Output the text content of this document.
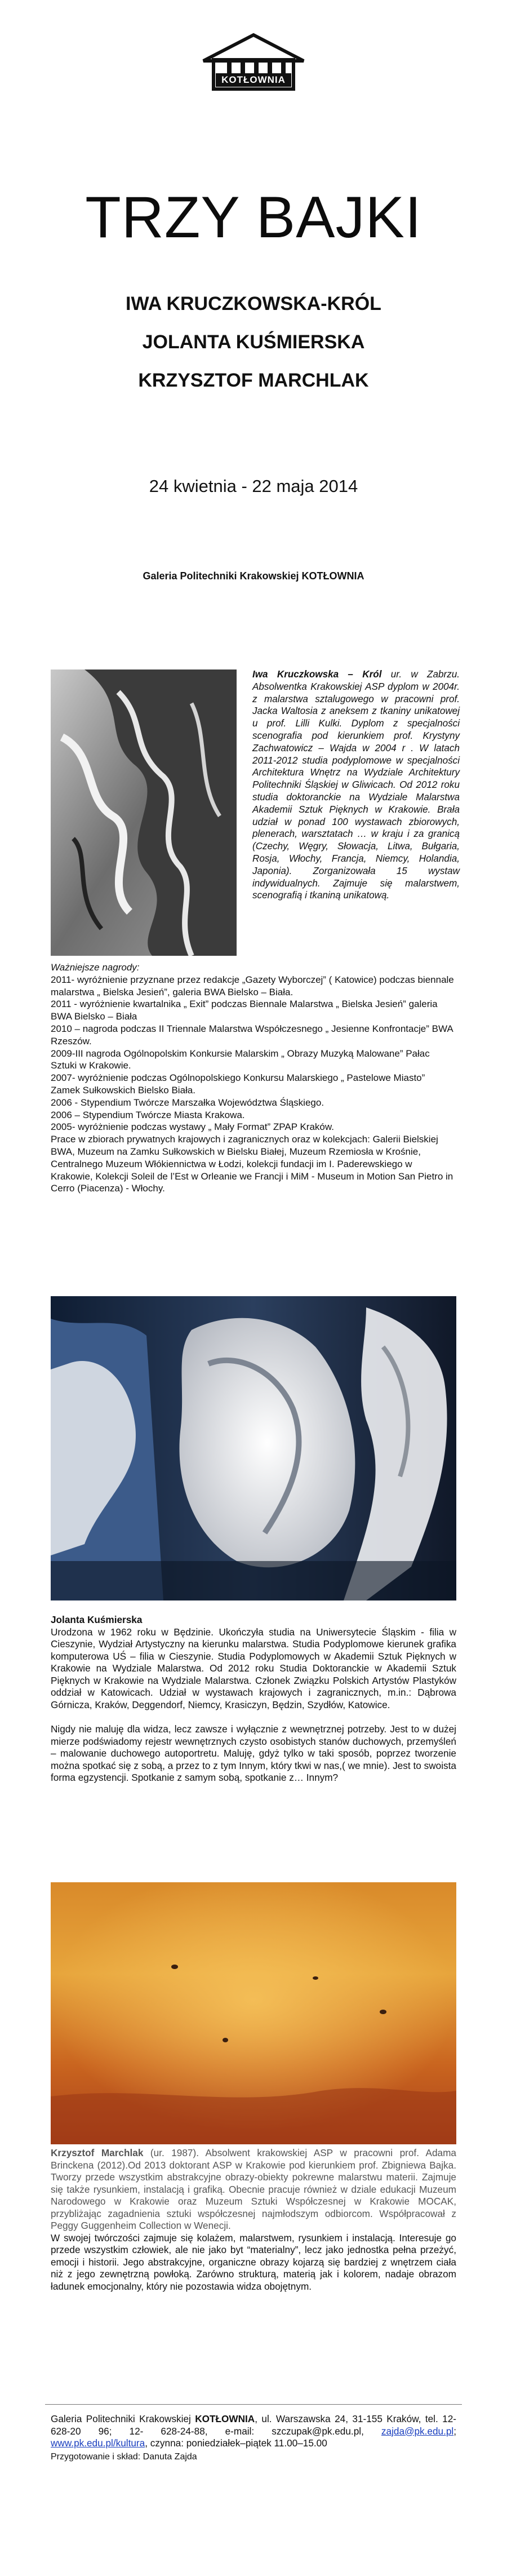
KOTŁOWNIA
TRZY BAJKI
IWA KRUCZKOWSKA-KRÓL
JOLANTA KUŚMIERSKA
KRZYSZTOF MARCHLAK
24 kwietnia - 22 maja 2014
Galeria Politechniki Krakowskiej KOTŁOWNIA
Iwa Kruczkowska – Król ur. w Zabrzu. Absolwentka Krakowskiej ASP dyplom w 2004r. z malarstwa sztalugowego w pracowni prof. Jacka Waltosia z aneksem z tkaniny unikatowej u prof. Lilli Kulki. Dyplom z specjalności scenografia pod kierunkiem prof. Krystyny Zachwatowicz – Wajda w 2004 r . W latach 2011-2012 studia podyplomowe w specjalności Architektura Wnętrz na Wydziale Architektury Politechniki Śląskiej w Gliwicach. Od 2012 roku studia doktoranckie na Wydziale Malarstwa Akademii Sztuk Pięknych w Krakowie. Brała udział w ponad 100 wystawach zbiorowych, plenerach, warsztatach … w kraju i za granicą (Czechy, Węgry, Słowacja, Litwa, Bułgaria, Rosja, Włochy, Francja, Niemcy, Holandia, Japonia). Zorganizowała 15 wystaw indywidualnych. Zajmuje się malarstwem, scenografią i tkaniną unikatową.
Ważniejsze nagrody:
2011- wyróżnienie przyznane przez redakcje „Gazety Wyborczej” ( Katowice) podczas biennale malarstwa „ Bielska Jesień”, galeria BWA Bielsko – Biała.
2011 - wyróżnienie kwartalnika „ Exit” podczas Biennale Malarstwa „ Bielska Jesień” galeria BWA Bielsko – Biała
2010 – nagroda podczas II Triennale Malarstwa Współczesnego „ Jesienne Konfrontacje” BWA Rzeszów.
2009-III nagroda Ogólnopolskim Konkursie Malarskim „ Obrazy Muzyką Malowane” Pałac Sztuki w Krakowie.
2007- wyróżnienie podczas Ogólnopolskiego Konkursu Malarskiego „ Pastelowe Miasto” Zamek Sułkowskich Bielsko Biała.
2006 - Stypendium Twórcze Marszałka Województwa Śląskiego.
2006 – Stypendium Twórcze Miasta Krakowa.
2005- wyróżnienie podczas wystawy „ Mały Format” ZPAP Kraków.
Prace w zbiorach prywatnych krajowych i zagranicznych oraz w kolekcjach: Galerii Bielskiej BWA, Muzeum na Zamku Sułkowskich w Bielsku Białej, Muzeum Rzemiosła w Krośnie, Centralnego Muzeum Włókiennictwa w Łodzi, kolekcji fundacji im I. Paderewskiego w Krakowie, Kolekcji Soleil de l’Est w Orleanie we Francji i MiM - Museum in Motion San Pietro in Cerro (Piacenza) - Włochy.
Jolanta Kuśmierska
Urodzona w 1962 roku w Będzinie. Ukończyła studia na Uniwersytecie Śląskim - filia w Cieszynie, Wydział Artystyczny na kierunku malarstwa. Studia Podyplomowe kierunek grafika komputerowa UŚ – filia w Cieszynie. Studia Podyplomowych w Akademii Sztuk Pięknych w Krakowie na Wydziale Malarstwa. Od 2012 roku Studia Doktoranckie w Akademii Sztuk Pięknych w Krakowie na Wydziale Malarstwa. Członek Związku Polskich Artystów Plastyków oddział w Katowicach. Udział w wystawach krajowych i zagranicznych, m.in.: Dąbrowa Górnicza, Kraków, Deggendorf, Niemcy, Krasiczyn, Będzin, Szydłów, Katowice.
Nigdy nie maluję dla widza, lecz zawsze i wyłącznie z wewnętrznej potrzeby. Jest to w dużej mierze podświadomy rejestr wewnętrznych czysto osobistych stanów duchowych, przemyśleń – malowanie duchowego autoportretu. Maluję, gdyż tylko w taki sposób, poprzez tworzenie można spotkać się z sobą, a przez to z tym Innym, który tkwi w nas,( we mnie). Jest to swoista forma egzystencji. Spotkanie z samym sobą, spotkanie z… Innym?
Krzysztof Marchlak (ur. 1987). Absolwent krakowskiej ASP w pracowni prof. Adama Brinckena (2012).Od 2013 doktorant ASP w Krakowie pod kierunkiem prof. Zbigniewa Bajka. Tworzy przede wszystkim abstrakcyjne obrazy-obiekty pokrewne malarstwu materii. Zajmuje się także rysunkiem, instalacją i grafiką. Obecnie pracuje również w dziale edukacji Muzeum Narodowego w Krakowie oraz Muzeum Sztuki Współczesnej w Krakowie MOCAK, przybliżając zagadnienia sztuki współczesnej najmłodszym odbiorcom. Współpracował z Peggy Guggenheim Collection w Wenecji.
W swojej twórczości zajmuje się kolażem, malarstwem, rysunkiem i instalacją. Interesuje go przede wszystkim człowiek, ale nie jako byt “materialny”, lecz jako jednostka pełna przeżyć, emocji i historii. Jego abstrakcyjne, organiczne obrazy kojarzą się bardziej z wnętrzem ciała niż z jego zewnętrzną powłoką. Zarówno strukturą, materią jak i kolorem, nadaje obrazom ładunek emocjonalny, który nie pozostawia widza obojętnym.
Galeria Politechniki Krakowskiej KOTŁOWNIA, ul. Warszawska 24, 31-155 Kraków, tel. 12-628-20 96; 12- 628-24-88, e-mail: szczupak@pk.edu.pl, zajda@pk.edu.pl; www.pk.edu.pl/kultura, czynna: poniedziałek–piątek 11.00–15.00
Przygotowanie i skład: Danuta Zajda
